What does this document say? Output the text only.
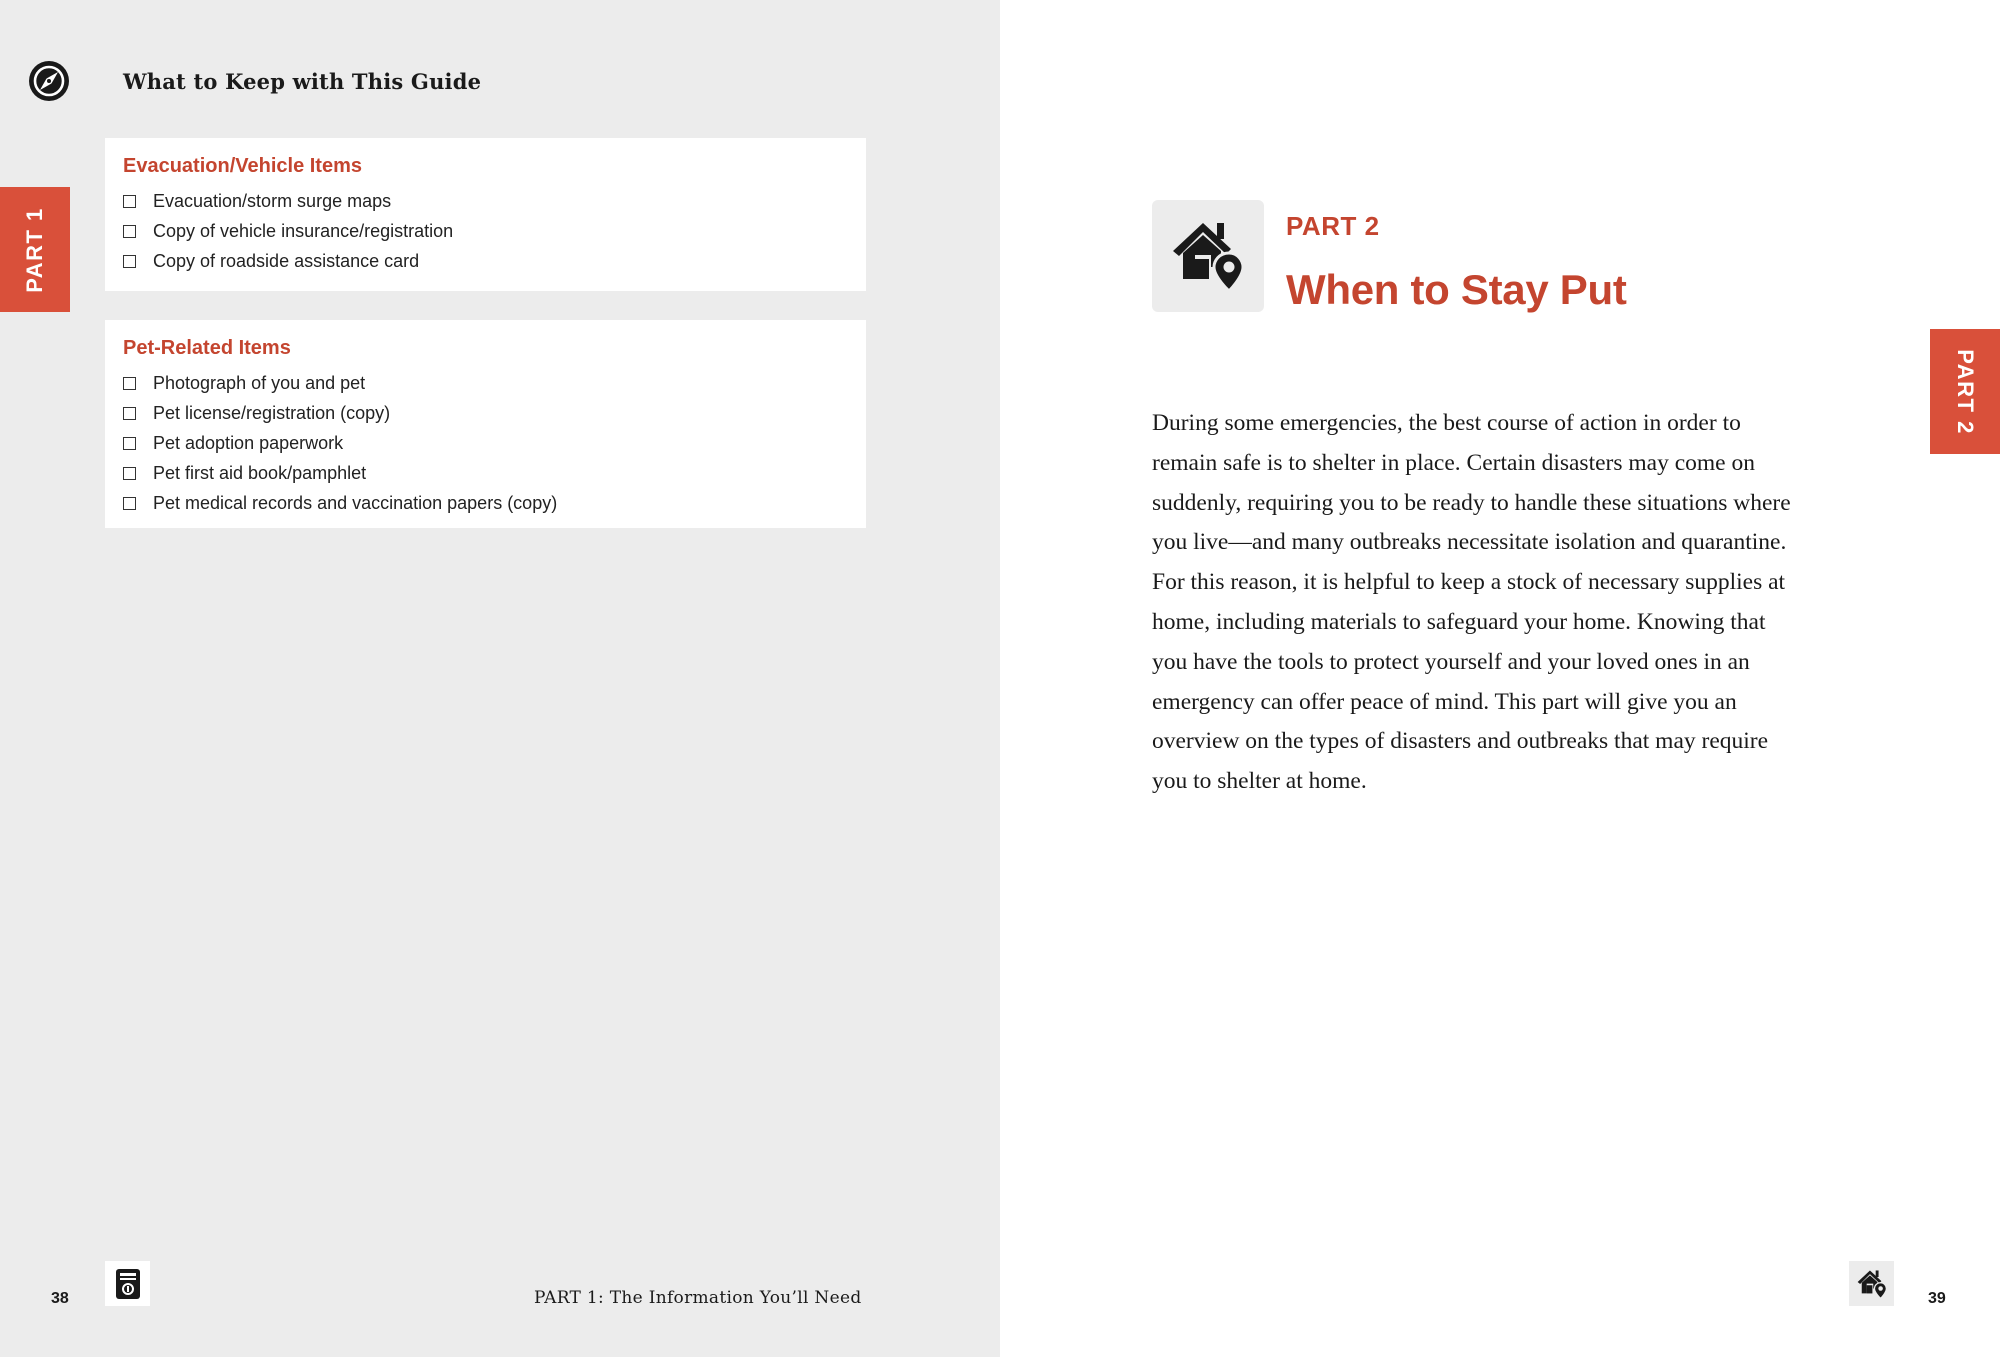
What to Keep with This Guide
PART 1
Evacuation/Vehicle Items
Evacuation/storm surge maps
Copy of vehicle insurance/registration
Copy of roadside assistance card
Pet-Related Items
Photograph of you and pet
Pet license/registration (copy)
Pet adoption paperwork
Pet first aid book/pamphlet
Pet medical records and vaccination papers (copy)
38	PART 1: The Information You’ll Need
PART 2
When to Stay Put
PART 2

During some emergencies, the best course of action in order to remain safe is to shelter in place. Certain disasters may come on suddenly, requiring you to be ready to handle these situations where you live—and many outbreaks necessitate isolation and quarantine. For this reason, it is helpful to keep a stock of necessary supplies at home, including materials to safeguard your home. Knowing that you have the tools to protect yourself and your loved ones in an emergency can offer peace of mind. This part will give you an overview on the types of disasters and outbreaks that may require you to shelter at home.

39
